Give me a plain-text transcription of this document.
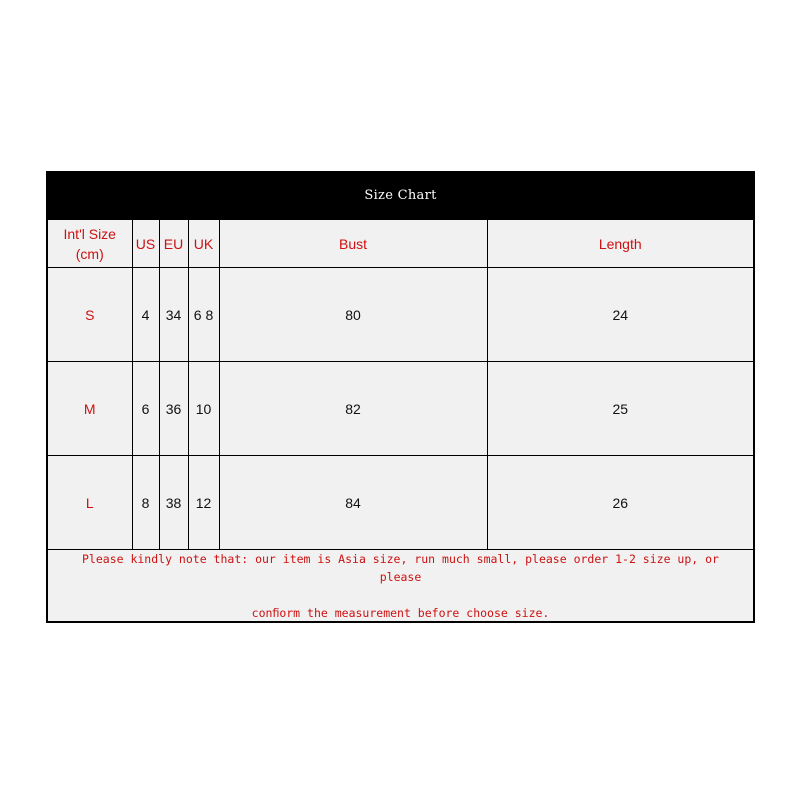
Size Chart
Int'l Size
(cm)	US	EU	UK	Bust	Length
S	4	34	6 8	80	24
M	6	36	10	82	25
L	8	38	12	84	26

Please kindly note that: our item is Asia size, run much small, please order 1-2 size up, or please

conﬁorm the measurement before choose size.
